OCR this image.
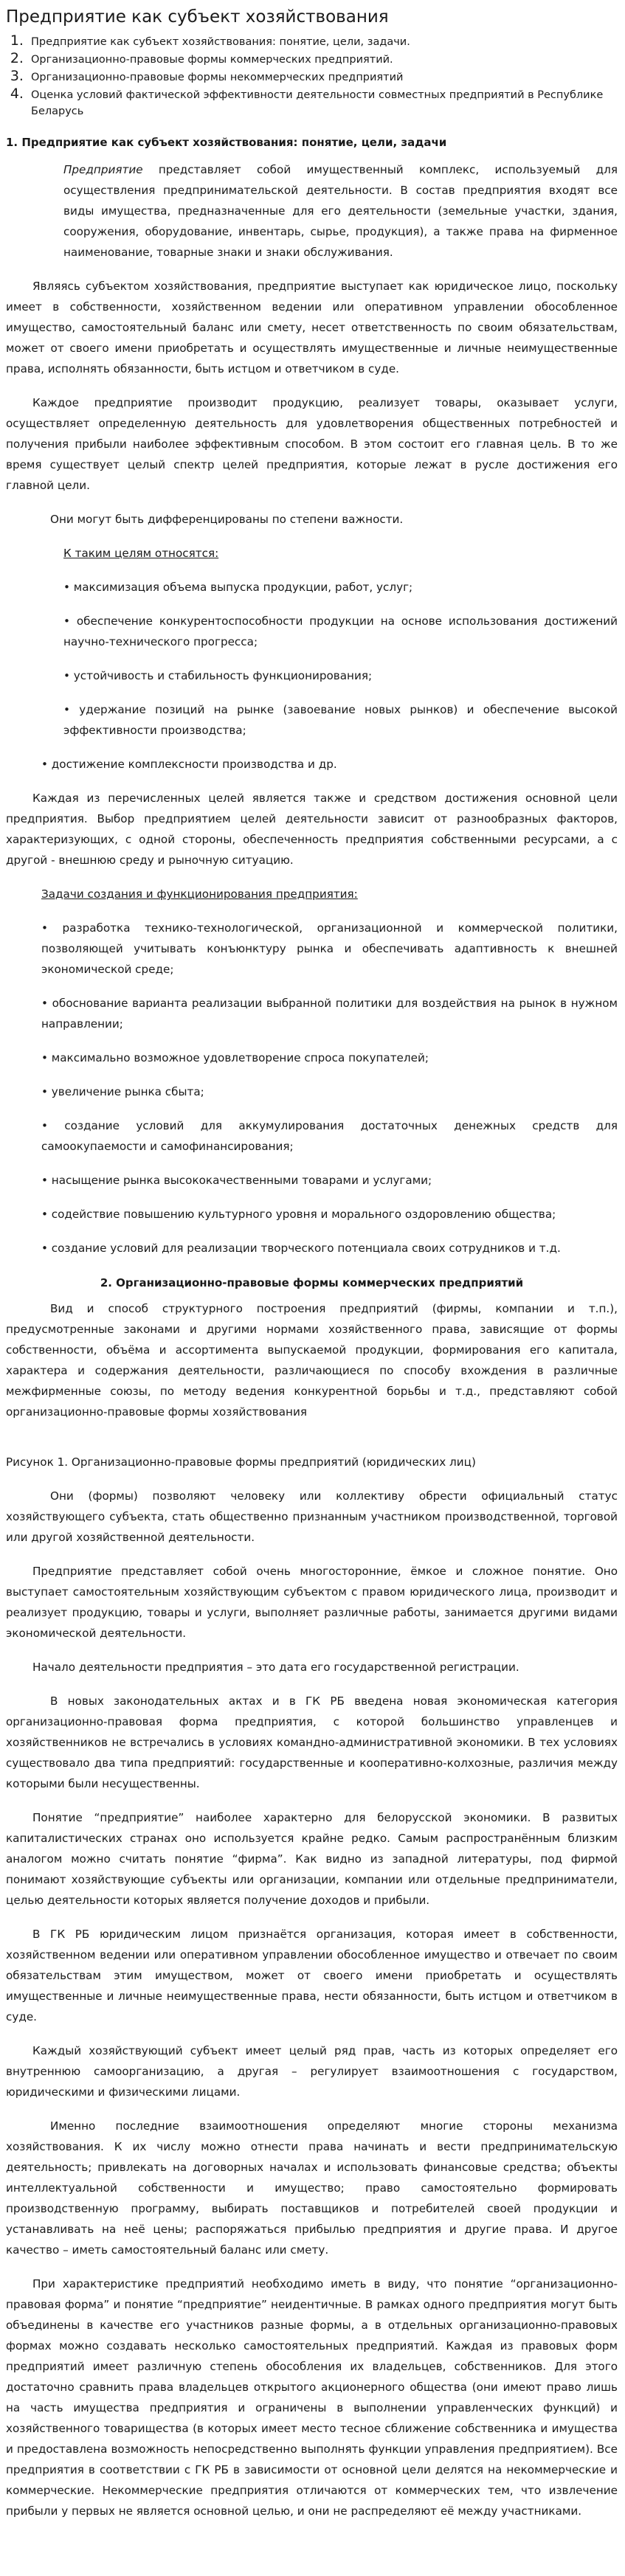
Предприятие как субъект хозяйствования
1. Предприятие как субъект хозяйствования: понятие, цели, задачи.
2. Организационно-правовые формы коммерческих предприятий.
3. Организационно-правовые формы некоммерческих предприятий
4. Оценка условий фактической эффективности деятельности совместных предприятий в Республике Беларусь
1. Предприятие как субъект хозяйствования: понятие, цели, задачи

Предприятие представляет собой имущественный комплекс, используемый для осуществления предпринимательской деятельности. В состав предприятия входят все виды имущества, предназначенные для его деятельности (земельные участки, здания, сооружения, оборудование, инвентарь, сырье, продукция), а также права на фирменное наименование, товарные знаки и знаки обслуживания.

Являясь субъектом хозяйствования, предприятие выступает как юридическое лицо, поскольку имеет в собственности, хозяйственном ведении или оперативном управлении обособленное имущество, самостоятельный баланс или смету, несет ответственность по своим обязательствам, может от своего имени приобретать и осуществлять имущественные и личные неимущественные права, исполнять обязанности, быть истцом и ответчиком в суде.

Каждое предприятие производит продукцию, реализует товары, оказывает услуги, осуществляет определенную деятельность для удовлетворения общественных потребностей и получения прибыли наиболее эффективным способом. В этом состоит его главная цель. В то же время существует целый спектр целей предприятия, которые лежат в русле достижения его главной цели.

Они могут быть дифференцированы по степени важности.

К таким целям относятся:

• максимизация объема выпуска продукции, работ, услуг;

• обеспечение конкурентоспособности продукции на основе использования достижений научно-технического прогресса;

• устойчивость и стабильность функционирования;

• удержание позиций на рынке (завоевание новых рынков) и обеспечение высокой эффективности производства;

• достижение комплексности производства и др.

Каждая из перечисленных целей является также и средством достижения основной цели предприятия. Выбор предприятием целей деятельности зависит от разнообразных факторов, характеризующих, с одной стороны, обеспеченность предприятия собственными ресурсами, а с другой - внешнюю среду и рыночную ситуацию.

Задачи создания и функционирования предприятия:

• разработка технико-технологической, организационной и коммерческой политики, позволяющей учитывать конъюнктуру рынка и обеспечивать адаптивность к внешней экономической среде;

• обоснование варианта реализации выбранной политики для воздействия на рынок в нужном направлении;

• максимально возможное удовлетворение спроса покупателей;

• увеличение рынка сбыта;

• создание условий для аккумулирования достаточных денежных средств для самоокупаемости и самофинансирования;

• насыщение рынка высококачественными товарами и услугами;

• содействие повышению культурного уровня и морального оздоровлению общества;

• создание условий для реализации творческого потенциала своих сотрудников и т.д.

2. Организационно-правовые формы коммерческих предприятий

Вид и способ структурного построения предприятий (фирмы, компании и т.п.), предусмотренные законами и другими нормами хозяйственного права, зависящие от формы собственности, объёма и ассортимента выпускаемой продукции, формирования его капитала, характера и содержания деятельности, различающиеся по способу вхождения в различные межфирменные союзы, по методу ведения конкурентной борьбы и т.д., представляют собой организационно-правовые формы хозяйствования

Рисунок 1. Организационно-правовые формы предприятий (юридических лиц)

Они (формы) позволяют человеку или коллективу обрести официальный статус хозяйствующего субъекта, стать общественно признанным участником производственной, торговой или другой хозяйственной деятельности.

Предприятие представляет собой очень многосторонние, ёмкое и сложное понятие. Оно выступает самостоятельным хозяйствующим субъектом с правом юридического лица, производит и реализует продукцию, товары и услуги, выполняет различные работы, занимается другими видами экономической деятельности.

Начало деятельности предприятия – это дата его государственной регистрации.

В новых законодательных актах и в ГК РБ введена новая экономическая категория организационно-правовая форма предприятия, с которой большинство управленцев и хозяйственников не встречались в условиях командно-административной экономики. В тех условиях существовало два типа предприятий: государственные и кооперативно-колхозные, различия между которыми были несущественны.

Понятие “предприятие” наиболее характерно для белорусской экономики. В развитых капиталистических странах оно используется крайне редко. Самым распространённым близким аналогом можно считать понятие “фирма”. Как видно из западной литературы, под фирмой понимают хозяйствующие субъекты или организации, компании или отдельные предприниматели, целью деятельности которых является получение доходов и прибыли.

В ГК РБ юридическим лицом признаётся организация, которая имеет в собственности, хозяйственном ведении или оперативном управлении обособленное имущество и отвечает по своим обязательствам этим имуществом, может от своего имени приобретать и осуществлять имущественные и личные неимущественные права, нести обязанности, быть истцом и ответчиком в суде.

Каждый хозяйствующий субъект имеет целый ряд прав, часть из которых определяет его внутреннюю самоорганизацию, а другая – регулирует взаимоотношения с государством, юридическими и физическими лицами.

Именно последние взаимоотношения определяют многие стороны механизма хозяйствования. К их числу можно отнести права начинать и вести предпринимательскую деятельность; привлекать на договорных началах и использовать финансовые средства; объекты интеллектуальной собственности и имущество; право самостоятельно формировать производственную программу, выбирать поставщиков и потребителей своей продукции и устанавливать на неё цены; распоряжаться прибылью предприятия и другие права. И другое качество – иметь самостоятельный баланс или смету.

При характеристике предприятий необходимо иметь в виду, что понятие “организационно-правовая форма” и понятие “предприятие” неидентичные. В рамках одного предприятия могут быть объединены в качестве его участников разные формы, а в отдельных организационно-правовых формах можно создавать несколько самостоятельных предприятий. Каждая из правовых форм предприятий имеет различную степень обособления их владельцев, собственников. Для этого достаточно сравнить права владельцев открытого акционерного общества (они имеют право лишь на часть имущества предприятия и ограничены в выполнении управленческих функций) и хозяйственного товарищества (в которых имеет место тесное сближение собственника и имущества и предоставлена возможность непосредственно выполнять функции управления предприятием). Все предприятия в соответствии с ГК РБ в зависимости от основной цели делятся на некоммерческие и коммерческие. Некоммерческие предприятия отличаются от коммерческих тем, что извлечение прибыли у первых не является основной целью, и они не распределяют её между участниками.
